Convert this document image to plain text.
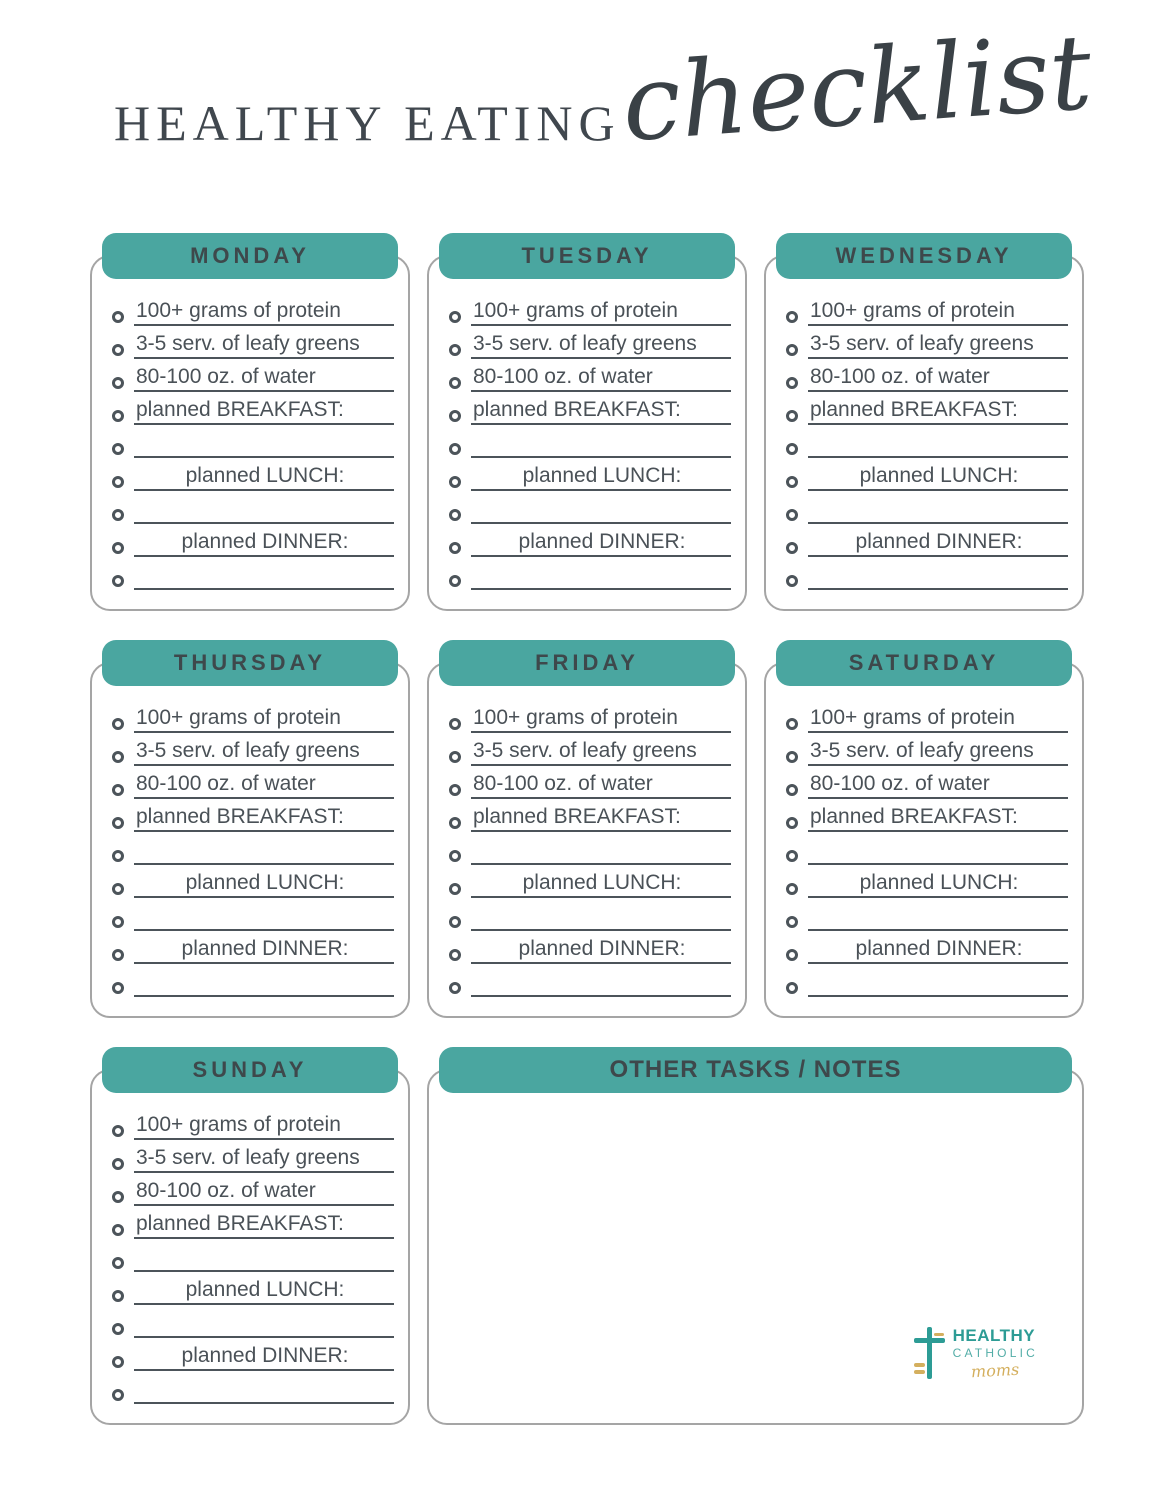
HEALTHY EATING
checklist
MONDAY
100+ grams of protein
3-5 serv. of leafy greens
80-100 oz. of water
planned BREAKFAST:
planned LUNCH:
planned DINNER:
TUESDAY
100+ grams of protein
3-5 serv. of leafy greens
80-100 oz. of water
planned BREAKFAST:
planned LUNCH:
planned DINNER:
WEDNESDAY
100+ grams of protein
3-5 serv. of leafy greens
80-100 oz. of water
planned BREAKFAST:
planned LUNCH:
planned DINNER:
THURSDAY
100+ grams of protein
3-5 serv. of leafy greens
80-100 oz. of water
planned BREAKFAST:
planned LUNCH:
planned DINNER:
FRIDAY
100+ grams of protein
3-5 serv. of leafy greens
80-100 oz. of water
planned BREAKFAST:
planned LUNCH:
planned DINNER:
SATURDAY
100+ grams of protein
3-5 serv. of leafy greens
80-100 oz. of water
planned BREAKFAST:
planned LUNCH:
planned DINNER:
SUNDAY
100+ grams of protein
3-5 serv. of leafy greens
80-100 oz. of water
planned BREAKFAST:
planned LUNCH:
planned DINNER:
OTHER TASKS / NOTES
HEALTHY
CATHOLIC
moms
